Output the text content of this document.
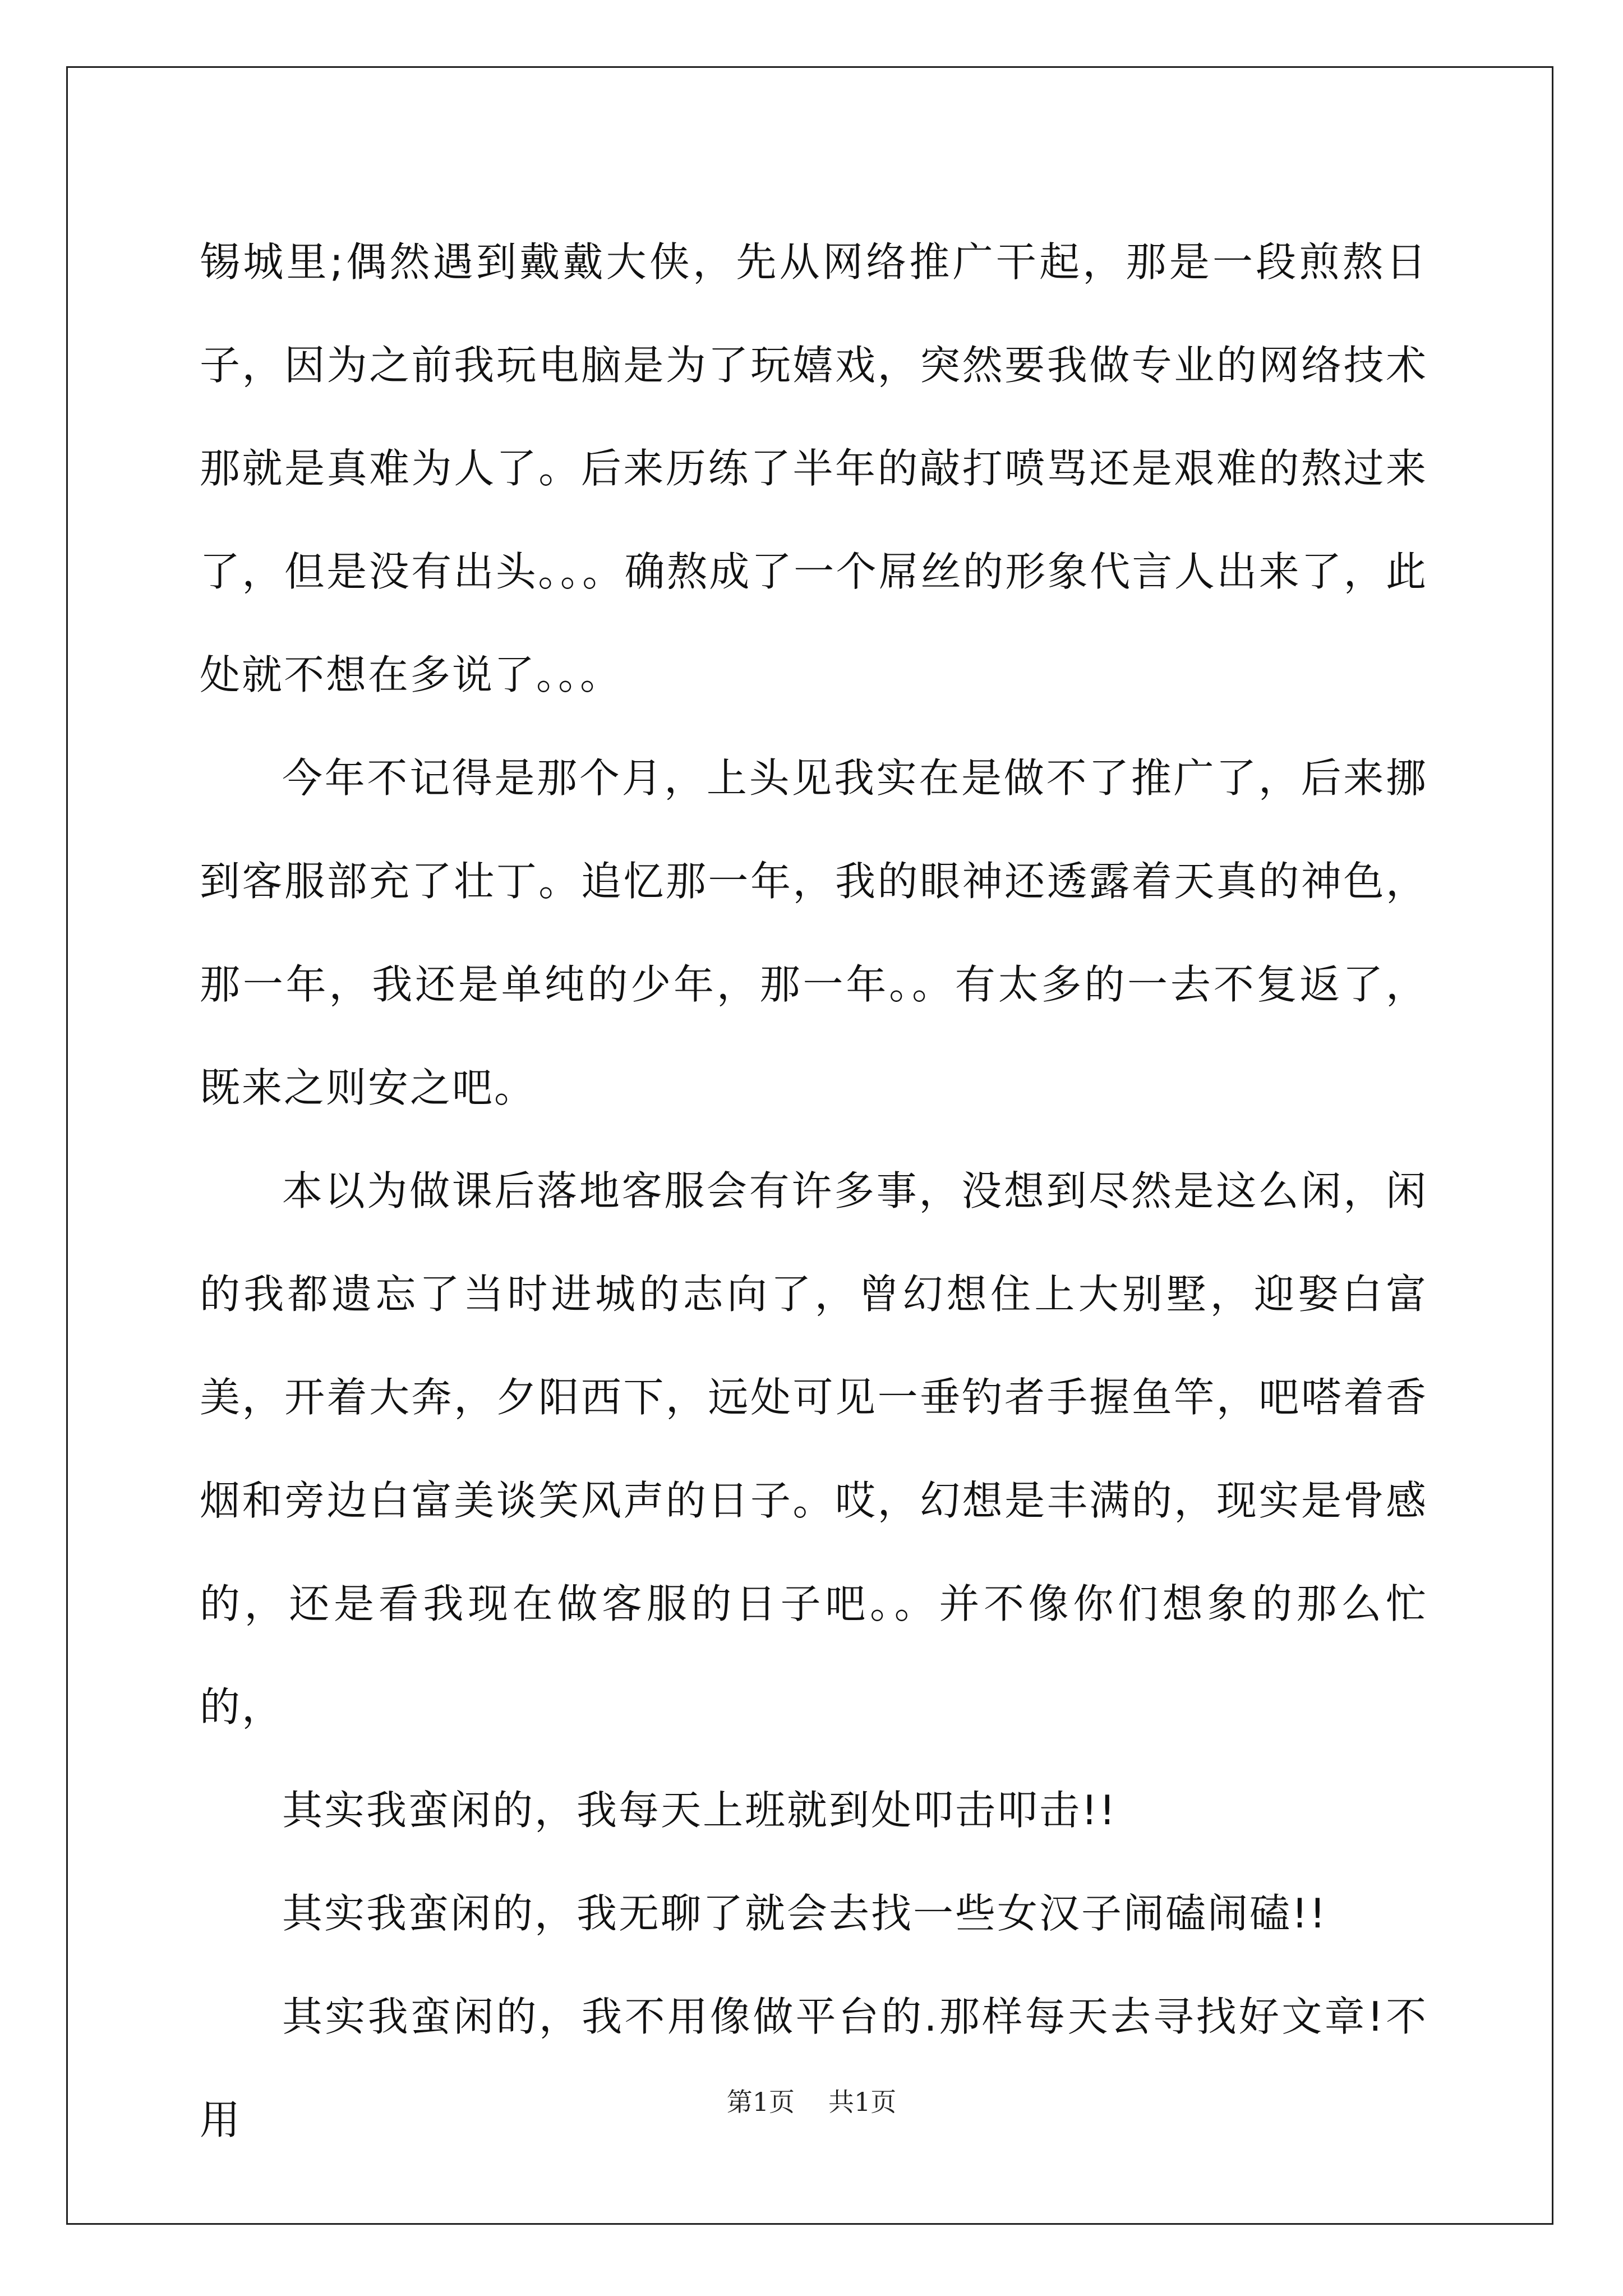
锡城里;偶然遇到戴戴大侠，先从网络推广干起，那是一段煎熬日子，因为之前我玩电脑是为了玩嬉戏，突然要我做专业的网络技术那就是真难为人了。后来历练了半年的敲打喷骂还是艰难的熬过来了，但是没有出头。。。确熬成了一个屌丝的形象代言人出来了，此处就不想在多说了。。。

今年不记得是那个月，上头见我实在是做不了推广了，后来挪到客服部充了壮丁。追忆那一年，我的眼神还透露着天真的神色，那一年，我还是单纯的少年，那一年。。有太多的一去不复返了，既来之则安之吧。

本以为做课后落地客服会有许多事，没想到尽然是这么闲，闲的我都遗忘了当时进城的志向了，曾幻想住上大别墅，迎娶白富美，开着大奔，夕阳西下，远处可见一垂钓者手握鱼竿，吧嗒着香烟和旁边白富美谈笑风声的日子。哎，幻想是丰满的，现实是骨感的，还是看我现在做客服的日子吧。。并不像你们想象的那么忙的，

其实我蛮闲的，我每天上班就到处叩击叩击!!

其实我蛮闲的，我无聊了就会去找一些女汉子闹磕闹磕!!

其实我蛮闲的，我不用像做平台的.那样每天去寻找好文章!不用	第1页 共1页
